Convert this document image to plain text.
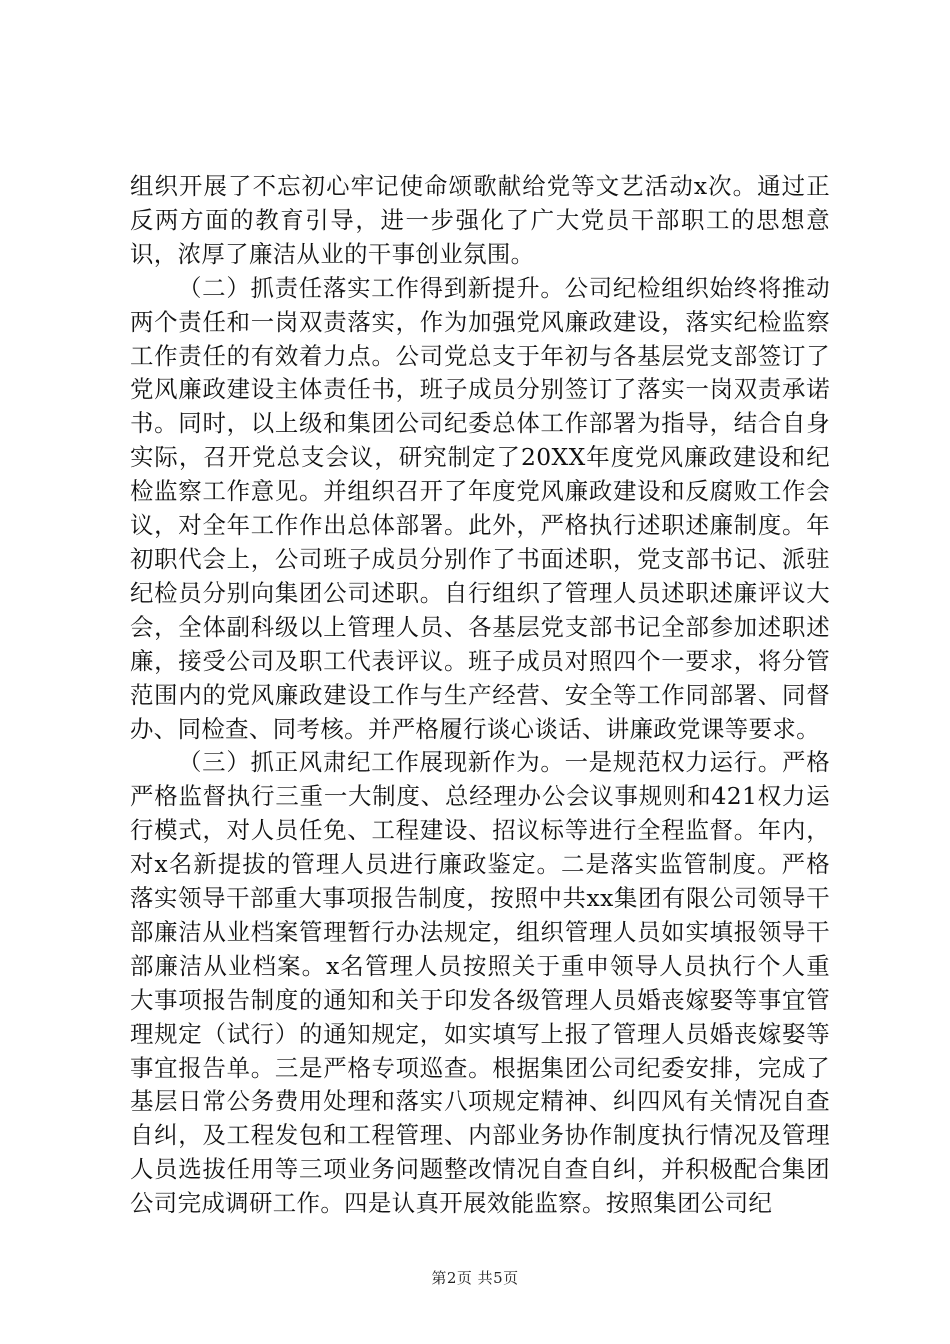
组织开展了不忘初心牢记使命颂歌献给党等文艺活动x次。通过正反两方面的教育引导，进一步强化了广大党员干部职工的思想意识，浓厚了廉洁从业的干事创业氛围。

（二）抓责任落实工作得到新提升。公司纪检组织始终将推动两个责任和一岗双责落实，作为加强党风廉政建设，落实纪检监察工作责任的有效着力点。公司党总支于年初与各基层党支部签订了党风廉政建设主体责任书，班子成员分别签订了落实一岗双责承诺书。同时，以上级和集团公司纪委总体工作部署为指导，结合自身实际，召开党总支会议，研究制定了20XX年度党风廉政建设和纪检监察工作意见。并组织召开了年度党风廉政建设和反腐败工作会议，对全年工作作出总体部署。此外，严格执行述职述廉制度。年初职代会上，公司班子成员分别作了书面述职，党支部书记、派驻纪检员分别向集团公司述职。自行组织了管理人员述职述廉评议大会，全体副科级以上管理人员、各基层党支部书记全部参加述职述廉，接受公司及职工代表评议。班子成员对照四个一要求，将分管范围内的党风廉政建设工作与生产经营、安全等工作同部署、同督办、同检查、同考核。并严格履行谈心谈话、讲廉政党课等要求。

（三）抓正风肃纪工作展现新作为。一是规范权力运行。严格严格监督执行三重一大制度、总经理办公会议事规则和421权力运行模式，对人员任免、工程建设、招议标等进行全程监督。年内，对x名新提拔的管理人员进行廉政鉴定。二是落实监管制度。严格落实领导干部重大事项报告制度，按照中共xx集团有限公司领导干部廉洁从业档案管理暂行办法规定，组织管理人员如实填报领导干部廉洁从业档案。x名管理人员按照关于重申领导人员执行个人重大事项报告制度的通知和关于印发各级管理人员婚丧嫁娶等事宜管理规定（试行）的通知规定，如实填写上报了管理人员婚丧嫁娶等事宜报告单。三是严格专项巡查。根据集团公司纪委安排，完成了基层日常公务费用处理和落实八项规定精神、纠四风有关情况自查自纠，及工程发包和工程管理、内部业务协作制度执行情况及管理人员选拔任用等三项业务问题整改情况自查自纠，并积极配合集团公司完成调研工作。四是认真开展效能监察。按照集团公司纪

第2页 共5页
